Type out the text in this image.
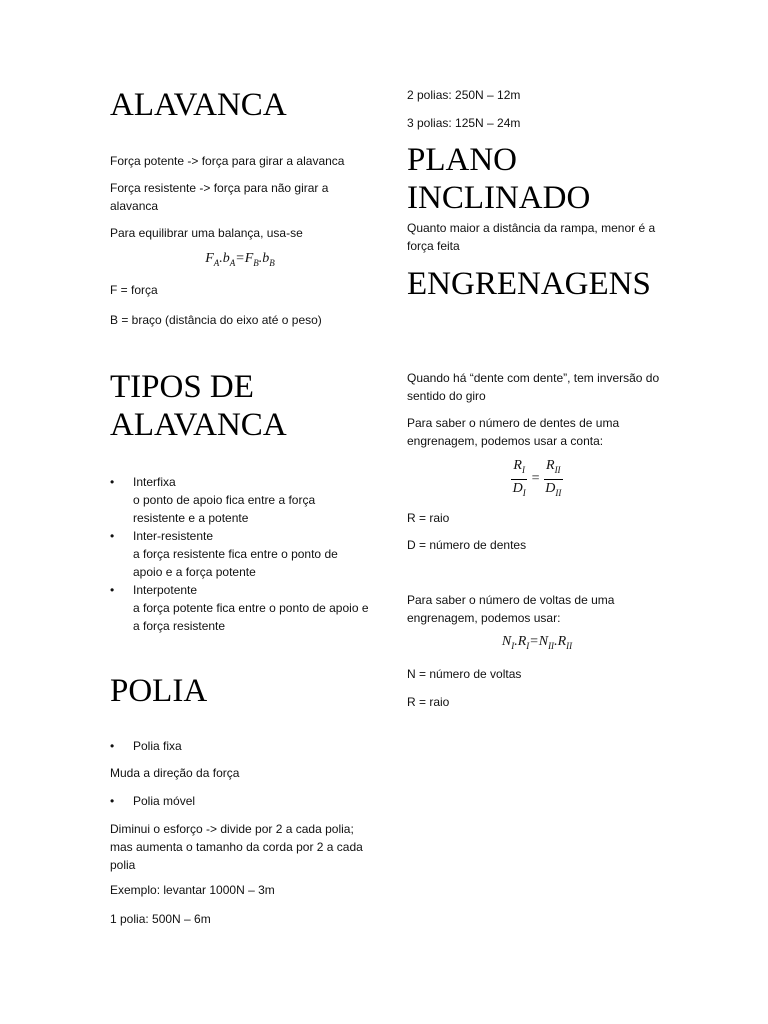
ALAVANCA

Força potente -> força para girar a alavanca

Força resistente -> força para não girar a alavanca

Para equilibrar uma balança, usa-se

$F_A.b_A=F_B.b_B$

F = força

B = braço (distância do eixo até o peso)

TIPOS DE ALAVANCA
• Interfixa
o ponto de apoio fica entre a força resistente e a potente
• Inter-resistente
a força resistente fica entre o ponto de apoio e a força potente
• Interpotente
a força potente fica entre o ponto de apoio e a força resistente
POLIA
• Polia fixa

Muda a direção da força

• Polia móvel

Diminui o esforço -> divide por 2 a cada polia; mas aumenta o tamanho da corda por 2 a cada polia

Exemplo: levantar 1000N – 3m

1 polia: 500N – 6m

2 polias: 250N – 12m

3 polias: 125N – 24m

PLANO INCLINADO

Quanto maior a distância da rampa, menor é a força feita

ENGRENAGENS

Quando há “dente com dente”, tem inversão do sentido do giro

Para saber o número de dentes de uma engrenagem, podemos usar a conta:

$\frac{R_I}{D_I} = \frac{R_{II}}{D_{II}}$

R = raio

D = número de dentes

Para saber o número de voltas de uma engrenagem, podemos usar:

$N_I.R_I=N_{II}.R_{II}$

N = número de voltas

R = raio
